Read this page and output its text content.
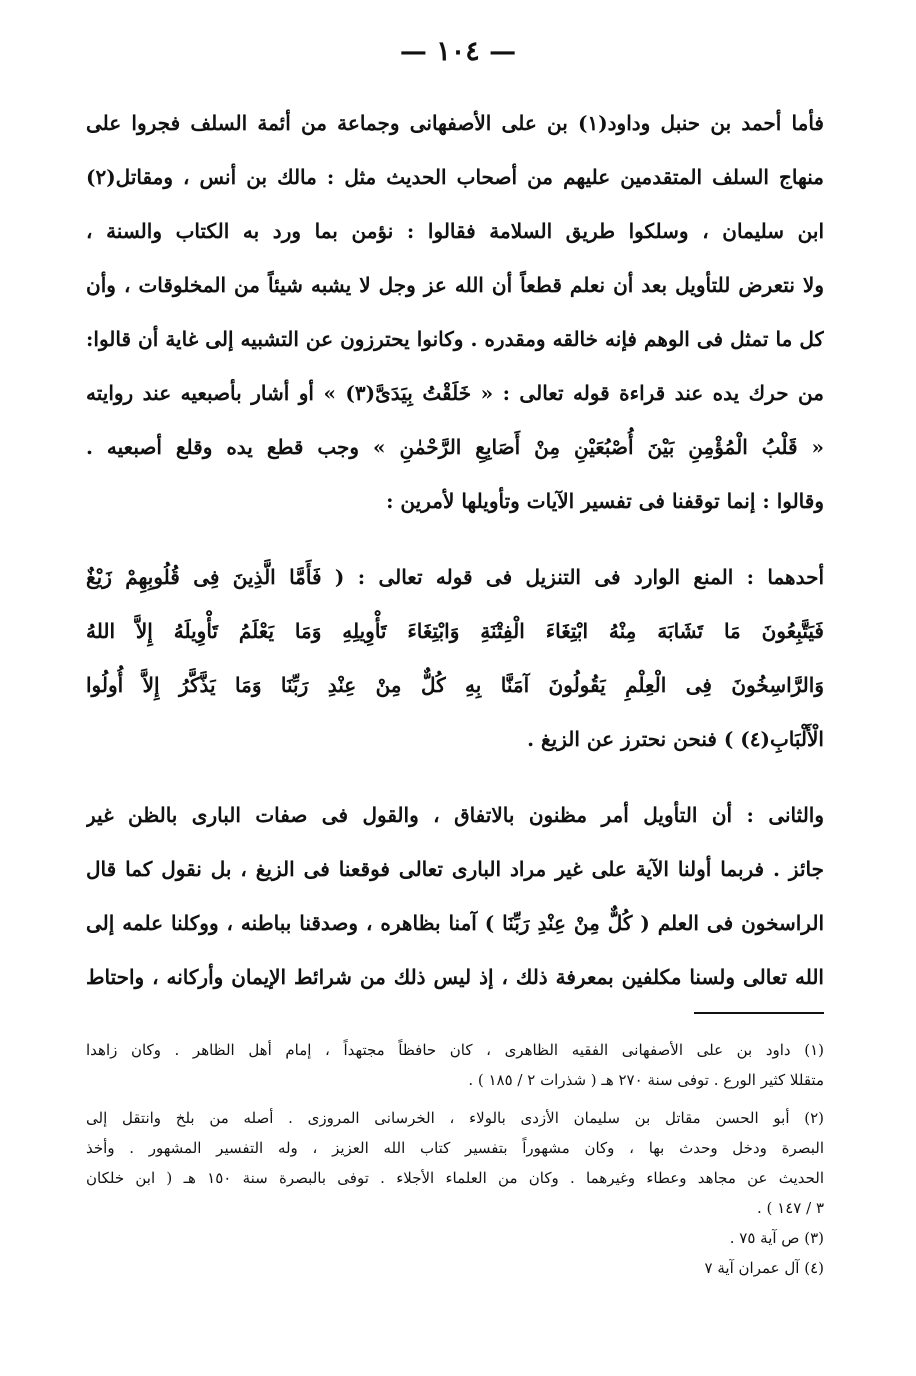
— ١٠٤ —
فأما أحمد بن حنبل وداود(١) بن على الأصفهانى وجماعة من أئمة السلف فجروا على
منهاج السلف المتقدمين عليهم من أصحاب الحديث مثل : مالك بن أنس ، ومقاتل(٢)
ابن سليمان ، وسلكوا طريق السلامة فقالوا : نؤمن بما ورد به الكتاب والسنة ،
ولا نتعرض للتأويل بعد أن نعلم قطعاً أن الله عز وجل لا يشبه شيئاً من المخلوقات ، وأن
كل ما تمثل فى الوهم فإنه خالقه ومقدره . وكانوا يحترزون عن التشبيه إلى غاية أن قالوا:
من حرك يده عند قراءة قوله تعالى : « خَلَقْتُ بِيَدَىَّ(٣) » أو أشار بأصبعيه عند روايته
« قَلْبُ الْمُؤْمِنِ بَيْنَ أُصْبُعَيْنِ مِنْ أَصَابِعِ الرَّحْمٰنِ » وجب قطع يده وقلع أصبعيه .
وقالوا : إنما توقفنا فى تفسير الآيات وتأويلها لأمرين :
أحدهما : المنع الوارد فى التنزيل فى قوله تعالى : ( فَأَمَّا الَّذِينَ فِى قُلُوبِهِمْ زَيْغٌ
فَيَتَّبِعُونَ مَا تَشَابَهَ مِنْهُ ابْتِغَاءَ الْفِتْنَةِ وَابْتِغَاءَ تَأْوِيلِهِ وَمَا يَعْلَمُ تَأْوِيلَهُ إِلاَّ اللهُ
وَالرَّاسِخُونَ فِى الْعِلْمِ يَقُولُونَ آمَنَّا بِهِ كُلٌّ مِنْ عِنْدِ رَبِّنَا وَمَا يَذَّكَّرُ إِلاَّ أُولُوا
الْأَلْبَابِ(٤) ) فنحن نحترز عن الزيغ .
والثانى : أن التأويل أمر مظنون بالاتفاق ، والقول فى صفات البارى بالظن غير
جائز . فربما أولنا الآية على غير مراد البارى تعالى فوقعنا فى الزيغ ، بل نقول كما قال
الراسخون فى العلم ( كُلٌّ مِنْ عِنْدِ رَبِّنَا ) آمنا بظاهره ، وصدقنا بباطنه ، ووكلنا علمه إلى
الله تعالى ولسنا مكلفين بمعرفة ذلك ، إذ ليس ذلك من شرائط الإيمان وأركانه ، واحتاط
(١) داود بن على الأصفهانى الفقيه الظاهرى ، كان حافظاً مجتهداً ، إمام أهل الظاهر . وكان زاهدا
متقللا كثير الورع . توفى سنة ٢٧٠ هـ ( شذرات ٢ / ١٨٥ ) .
(٢) أبو الحسن مقاتل بن سليمان الأزدى بالولاء ، الخرسانى المروزى . أصله من بلخ وانتقل إلى
البصرة ودخل وحدث بها ، وكان مشهوراً بتفسير كتاب الله العزيز ، وله التفسير المشهور . وأخذ
الحديث عن مجاهد وعطاء وغيرهما . وكان من العلماء الأجلاء . توفى بالبصرة سنة ١٥٠ هـ ( ابن خلكان
٣ / ١٤٧ ) .
(٣) ص آية ٧٥ .
(٤) آل عمران آية ٧
